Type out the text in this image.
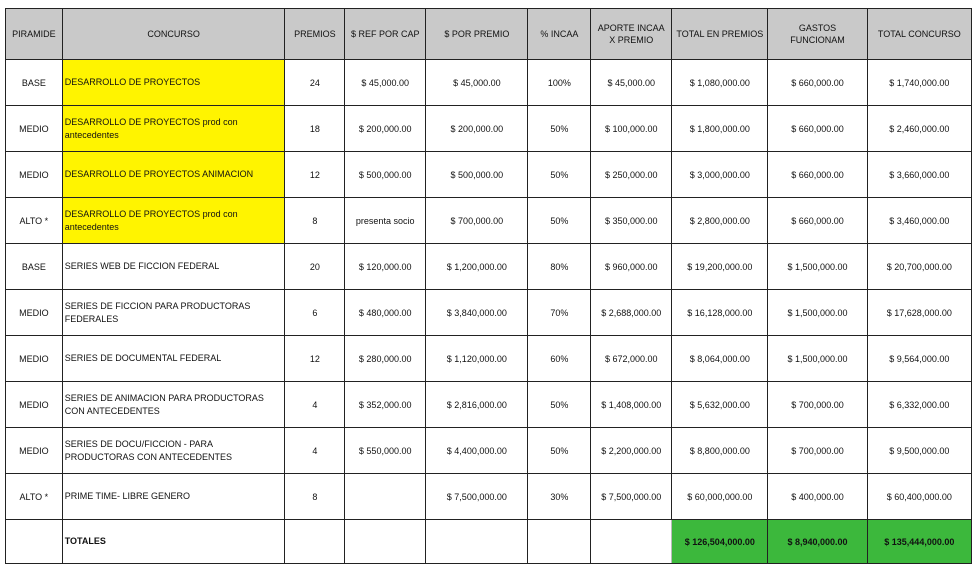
PIRAMIDE	CONCURSO	PREMIOS	$ REF POR CAP	$ POR PREMIO	% INCAA	APORTE INCAA X PREMIO	TOTAL EN PREMIOS	GASTOS FUNCIONAM	TOTAL CONCURSO
BASE	DESARROLLO DE PROYECTOS	24	$ 45,000.00	$ 45,000.00	100%	$ 45,000.00	$ 1,080,000.00	$ 660,000.00	$ 1,740,000.00
MEDIO	DESARROLLO DE PROYECTOS prod con antecedentes	18	$ 200,000.00	$ 200,000.00	50%	$ 100,000.00	$ 1,800,000.00	$ 660,000.00	$ 2,460,000.00
MEDIO	DESARROLLO DE PROYECTOS ANIMACION	12	$ 500,000.00	$ 500,000.00	50%	$ 250,000.00	$ 3,000,000.00	$ 660,000.00	$ 3,660,000.00
ALTO *	DESARROLLO DE PROYECTOS prod con antecedentes	8	presenta socio	$ 700,000.00	50%	$ 350,000.00	$ 2,800,000.00	$ 660,000.00	$ 3,460,000.00
BASE	SERIES WEB DE FICCION FEDERAL	20	$ 120,000.00	$ 1,200,000.00	80%	$ 960,000.00	$ 19,200,000.00	$ 1,500,000.00	$ 20,700,000.00
MEDIO	SERIES DE FICCION PARA PRODUCTORAS FEDERALES	6	$ 480,000.00	$ 3,840,000.00	70%	$ 2,688,000.00	$ 16,128,000.00	$ 1,500,000.00	$ 17,628,000.00
MEDIO	SERIES DE DOCUMENTAL FEDERAL	12	$ 280,000.00	$ 1,120,000.00	60%	$ 672,000.00	$ 8,064,000.00	$ 1,500,000.00	$ 9,564,000.00
MEDIO	SERIES DE ANIMACION PARA PRODUCTORAS CON ANTECEDENTES	4	$ 352,000.00	$ 2,816,000.00	50%	$ 1,408,000.00	$ 5,632,000.00	$ 700,000.00	$ 6,332,000.00
MEDIO	SERIES DE DOCU/FICCION - PARA PRODUCTORAS CON ANTECEDENTES	4	$ 550,000.00	$ 4,400,000.00	50%	$ 2,200,000.00	$ 8,800,000.00	$ 700,000.00	$ 9,500,000.00
ALTO *	PRIME TIME- LIBRE GENERO	8		$ 7,500,000.00	30%	$ 7,500,000.00	$ 60,000,000.00	$ 400,000.00	$ 60,400,000.00
	TOTALES						$ 126,504,000.00	$ 8,940,000.00	$ 135,444,000.00
